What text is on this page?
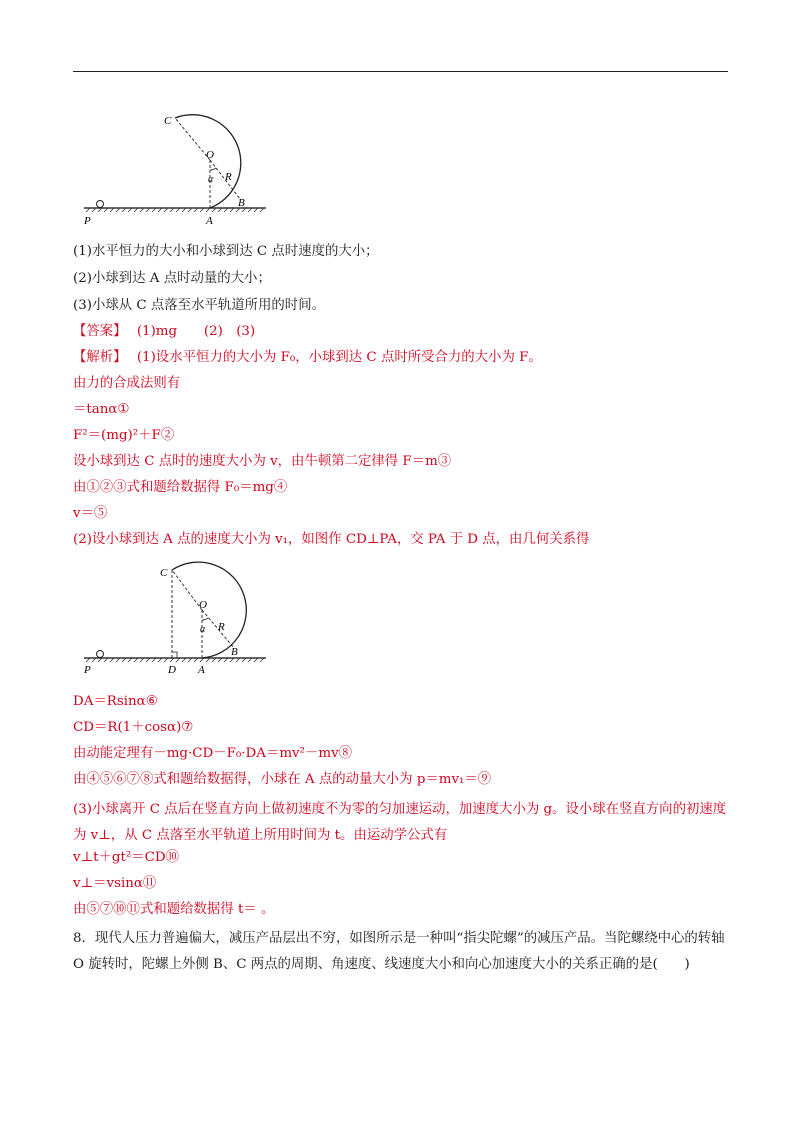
C
O
α R
B
P	A
(1)水平恒力的大小和小球到达 C 点时速度的大小；
(2)小球到达 A 点时动量的大小；
(3)小球从 C 点落至水平轨道所用的时间。
【答案】 (1)mg　　(2)　(3)
【解析】 (1)设水平恒力的大小为 F₀，小球到达 C 点时所受合力的大小为 F。
由力的合成法则有
＝tanα①
F²＝(mg)²＋F②
设小球到达 C 点时的速度大小为 v，由牛顿第二定律得 F＝m③
由①②③式和题给数据得 F₀＝mg④
v＝⑤
(2)设小球到达 A 点的速度大小为 v₁，如图作 CD⊥PA，交 PA 于 D 点，由几何关系得
C
O
α R
B
P	D A
DA＝Rsinα⑥
CD＝R(1＋cosα)⑦
由动能定理有－mg·CD－F₀·DA＝mv²－mv⑧
由④⑤⑥⑦⑧式和题给数据得，小球在 A 点的动量大小为 p＝mv₁＝⑨
(3)小球离开 C 点后在竖直方向上做初速度不为零的匀加速运动，加速度大小为 g。设小球在竖直方向的初速度为 v⊥，从 C 点落至水平轨道上所用时间为 t。由运动学公式有
v⊥t＋gt²＝CD⑩
v⊥＝vsinα⑪
由⑤⑦⑩⑪式和题给数据得 t＝ 。
8．现代人压力普遍偏大，减压产品层出不穷，如图所示是一种叫“指尖陀螺”的减压产品。当陀螺绕中心的转轴 O 旋转时，陀螺上外侧 B、C 两点的周期、角速度、线速度大小和向心加速度大小的关系正确的是(　　)
